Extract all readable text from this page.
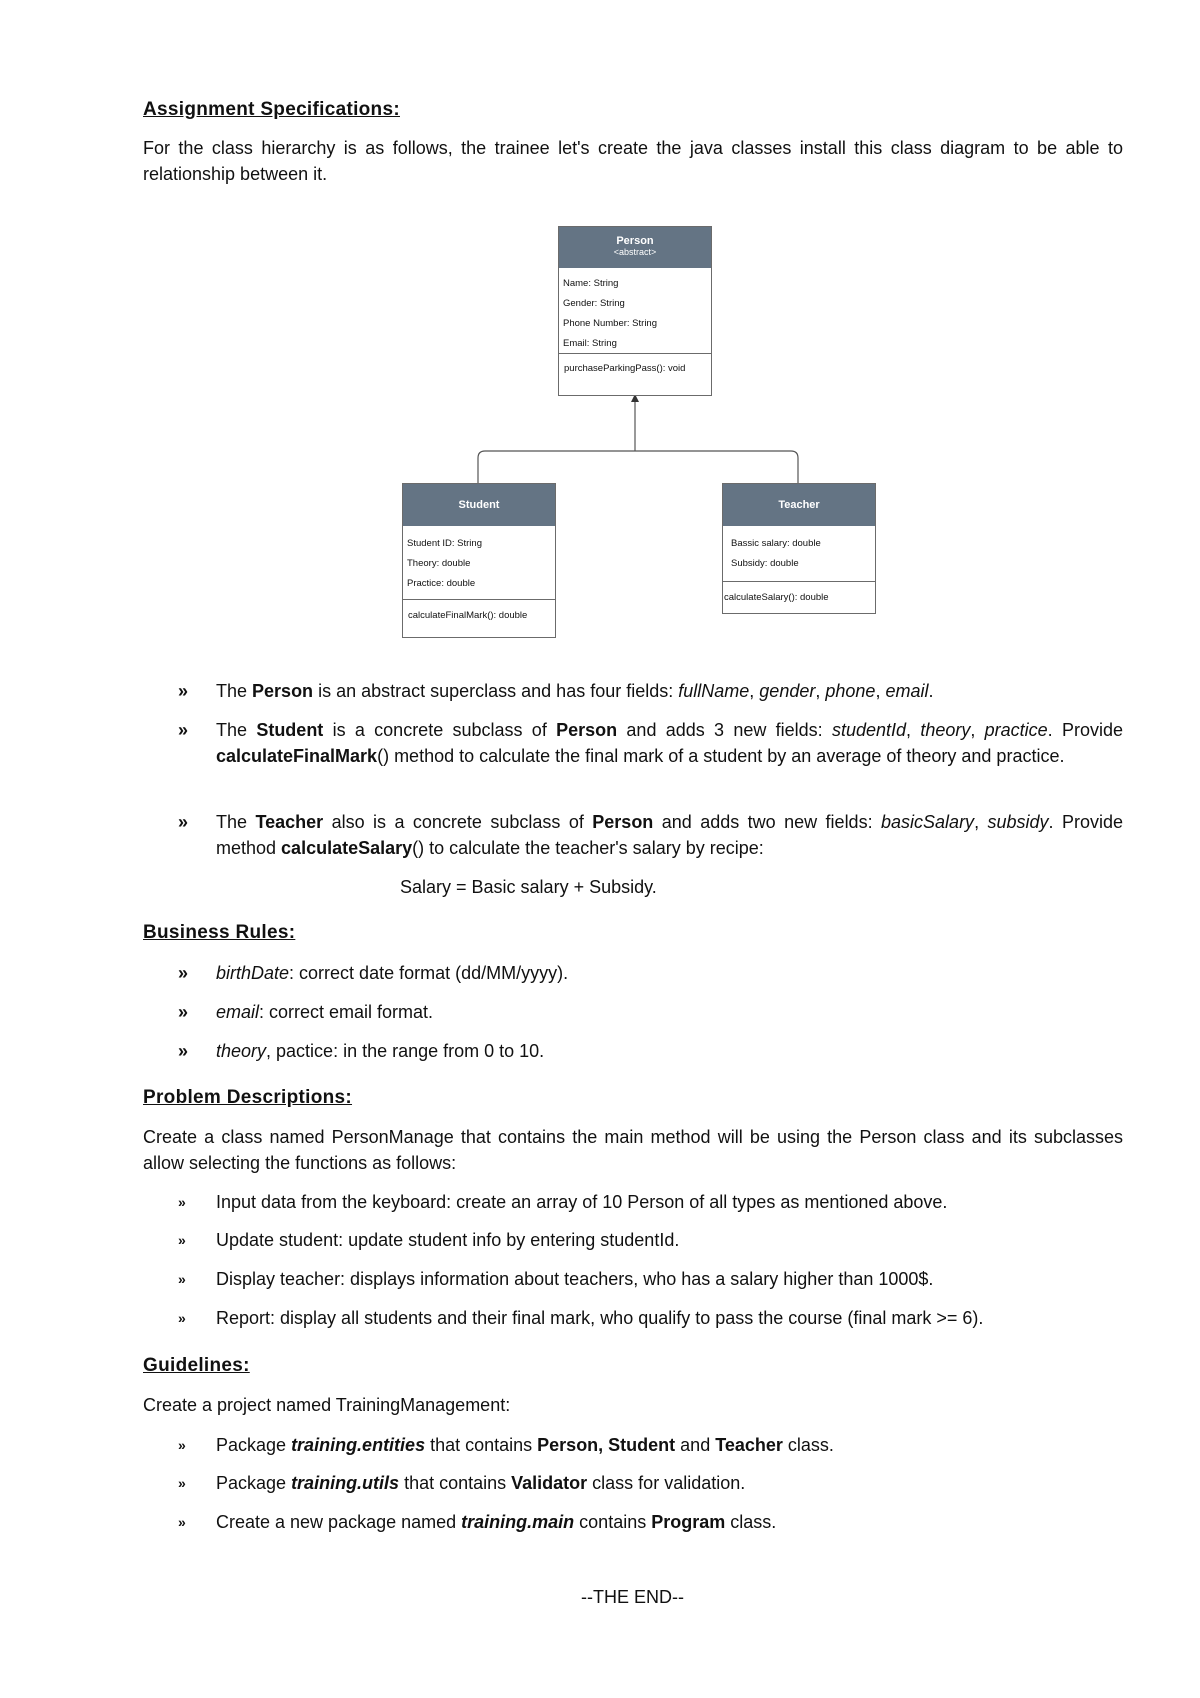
Assignment Specifications:
For the class hierarchy is as follows, the trainee let's create the java classes install this class diagram to be able to relationship between it.
Person
<abstract>
Name: String
Gender: String
Phone Number: String
Email: String
purchaseParkingPass(): void
Student
Student ID: String
Theory: double
Practice: double
calculateFinalMark(): double
Teacher
Bassic salary: double
Subsidy: double
calculateSalary(): double
» The Person is an abstract superclass and has four fields: fullName, gender, phone, email.
» The Student is a concrete subclass of Person and adds 3 new fields: studentId, theory, practice. Provide calculateFinalMark() method to calculate the final mark of a student by an average of theory and practice.
» The Teacher also is a concrete subclass of Person and adds two new fields: basicSalary, subsidy. Provide method calculateSalary() to calculate the teacher's salary by recipe:
Salary = Basic salary + Subsidy.
Business Rules:
» birthDate: correct date format (dd/MM/yyyy).
» email: correct email format.
» theory, pactice: in the range from 0 to 10.
Problem Descriptions:
Create a class named PersonManage that contains the main method will be using the Person class and its subclasses allow selecting the functions as follows:
» Input data from the keyboard: create an array of 10 Person of all types as mentioned above.
» Update student: update student info by entering studentId.
» Display teacher: displays information about teachers, who has a salary higher than 1000$.
» Report: display all students and their final mark, who qualify to pass the course (final mark >= 6).
Guidelines:
Create a project named TrainingManagement:
» Package training.entities that contains Person, Student and Teacher class.
» Package training.utils that contains Validator class for validation.
» Create a new package named training.main contains Program class.
--THE END--
